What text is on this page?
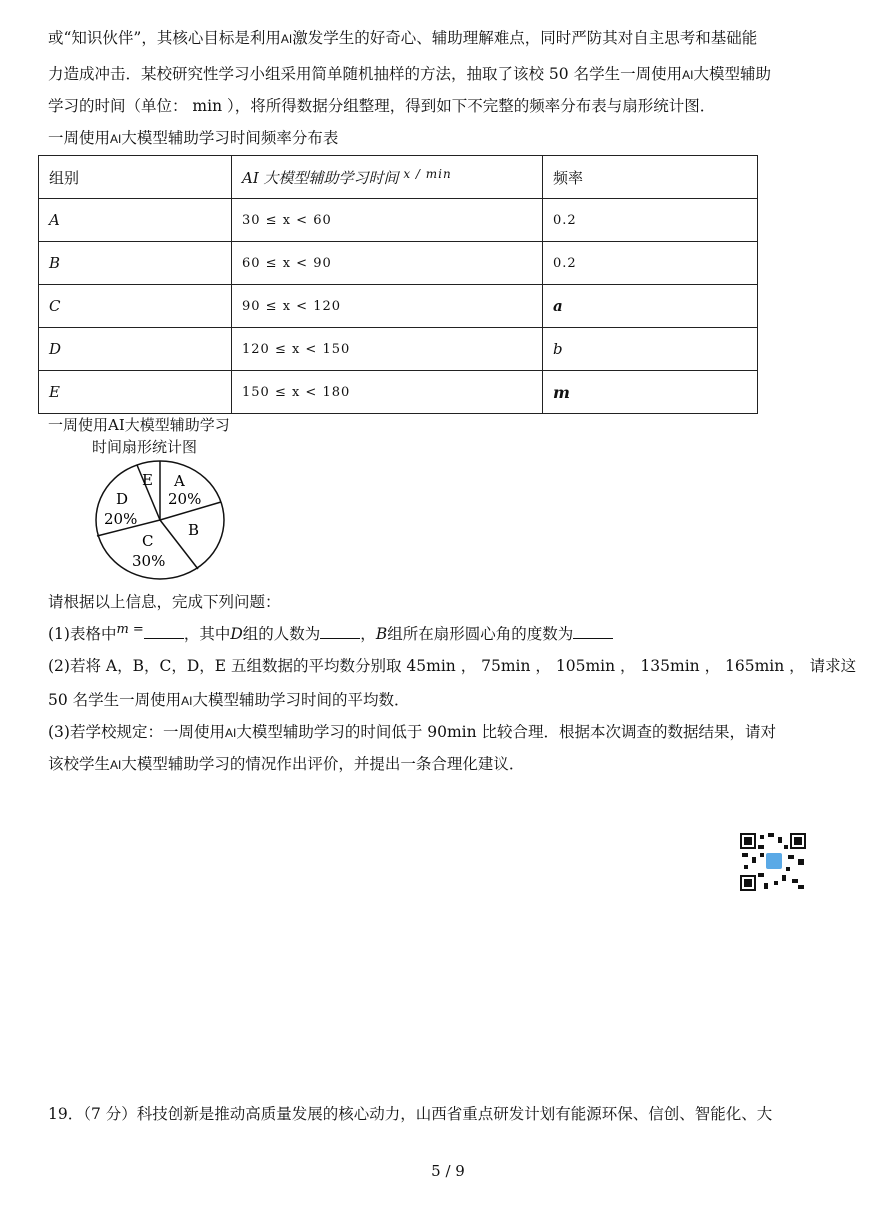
或“知识伙伴”，其核心目标是利用AI激发学生的好奇心、辅助理解难点，同时严防其对自主思考和基础能
力造成冲击．某校研究性学习小组采用简单随机抽样的方法，抽取了该校 50 名学生一周使用AI大模型辅助
学习的时间（单位： min ），将所得数据分组整理，得到如下不完整的频率分布表与扇形统计图．
一周使用AI大模型辅助学习时间频率分布表
组别	AI 大模型辅助学习时间 $^{x / min}$	频率
A	30 ≤ x < 60	0.2
B	60 ≤ x < 90	0.2
C	90 ≤ x < 120	a
D	120 ≤ x < 150	b
E	150 ≤ x < 180	m
一周使用AI大模型辅助学习
时间扇形统计图
A
20%
B
C
30%
D
20%
E
请根据以上信息，完成下列问题：
(1)表格中$^{m =}$	，其中D组的人数为	，B组所在扇形圆心角的度数为
(2)若将 A，B，C，D，E 五组数据的平均数分别取 45min ， 75min ， 105min ， 135min ， 165min ， 请求这
50 名学生一周使用AI大模型辅助学习时间的平均数．
(3)若学校规定：一周使用AI大模型辅助学习的时间低于 90min 比较合理．根据本次调查的数据结果，请对
该校学生AI大模型辅助学习的情况作出评价，并提出一条合理化建议．
19．（7 分）科技创新是推动高质量发展的核心动力，山西省重点研发计划有能源环保、信创、智能化、大
5 / 9
